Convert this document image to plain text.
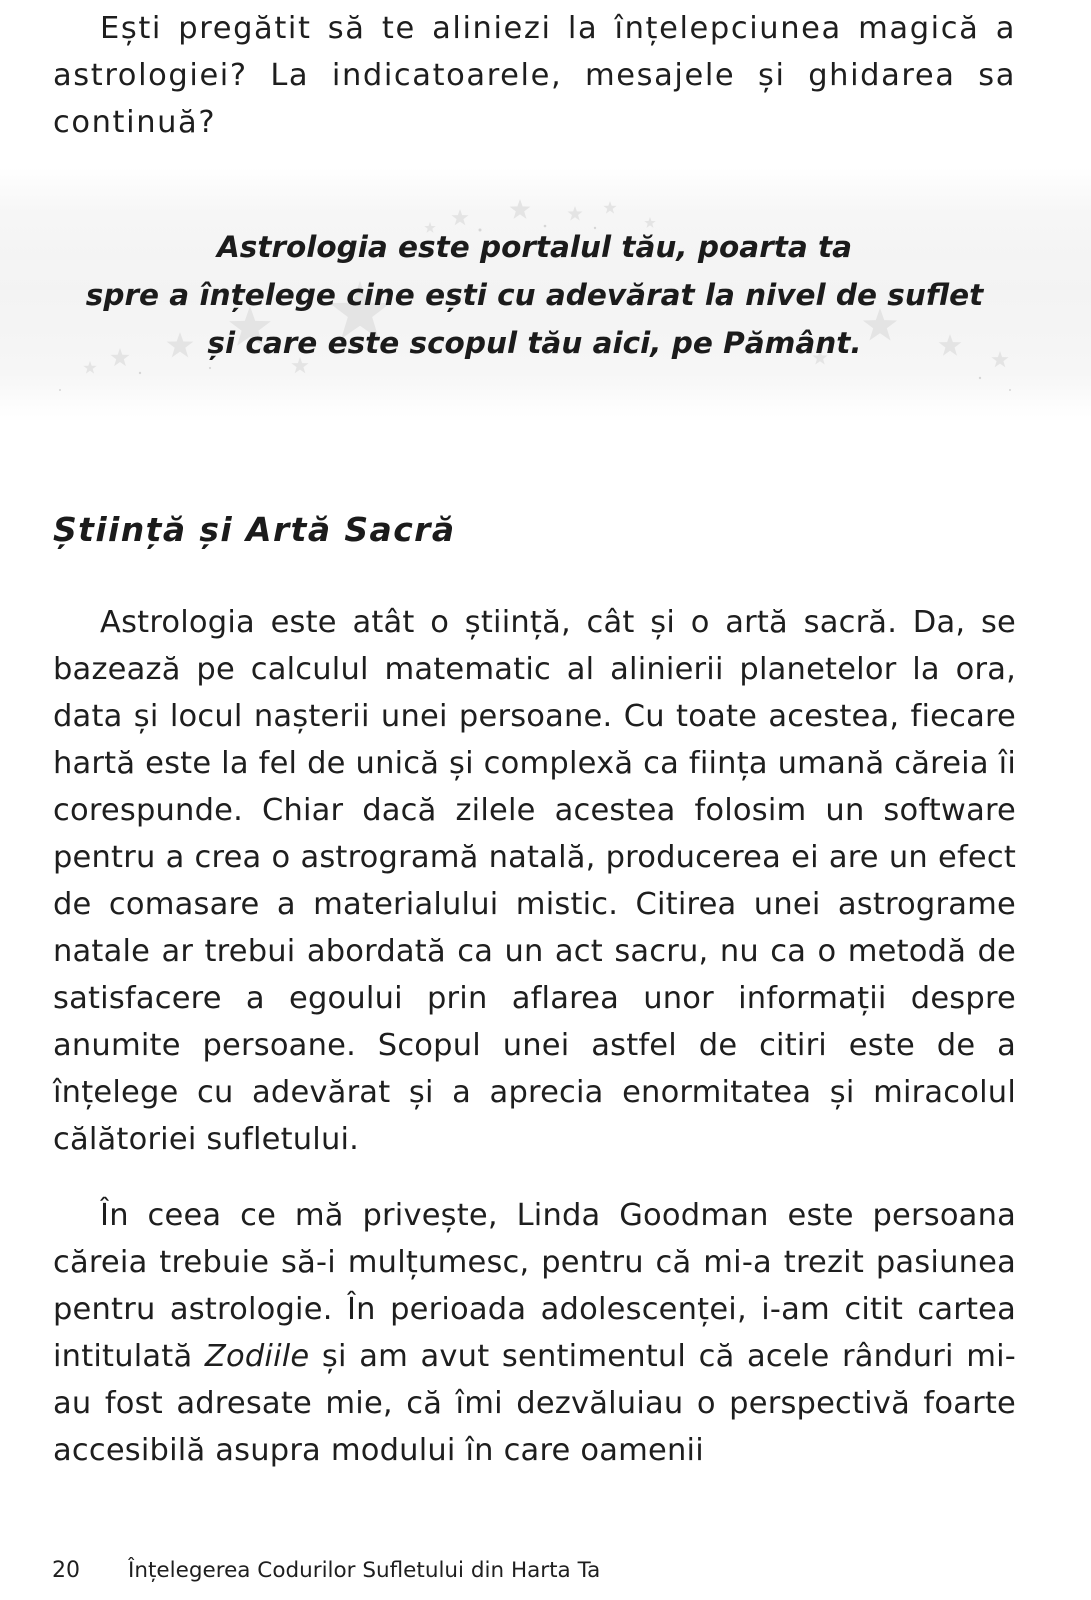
Ești pregătit să te aliniezi la înțelepciunea magică a astrologiei? La indicatoarele, mesajele și ghidarea sa continuă?

Astrologia este portalul tău, poarta ta
spre a înțelege cine ești cu adevărat la nivel de suflet
și care este scopul tău aici, pe Pământ.

Știință și Artă Sacră

Astrologia este atât o știință, cât și o artă sacră. Da, se bazează pe calculul matematic al alinierii planetelor la ora, data și locul nașterii unei persoane. Cu toate acestea, fiecare hartă este la fel de unică și complexă ca ființa umană căreia îi corespunde. Chiar dacă zilele acestea folosim un software pentru a crea o astrogramă natală, producerea ei are un efect de comasare a materialului mistic. Citirea unei astrograme natale ar trebui abordată ca un act sacru, nu ca o metodă de satisfacere a egoului prin aflarea unor informații despre anumite persoane. Scopul unei astfel de citiri este de a înțelege cu adevărat și a aprecia enormitatea și miracolul călătoriei sufletului.

În ceea ce mă privește, Linda Goodman este persoana căreia trebuie să-i mulțumesc, pentru că mi-a trezit pasiunea pentru astrologie. În perioada adolescenței, i-am citit cartea intitulată Zodiile și am avut sentimentul că acele rânduri mi-au fost adresate mie, că îmi dezvăluiau o perspectivă foarte accesibilă asupra modului în care oamenii

20 Înțelegerea Codurilor Sufletului din Harta Ta
